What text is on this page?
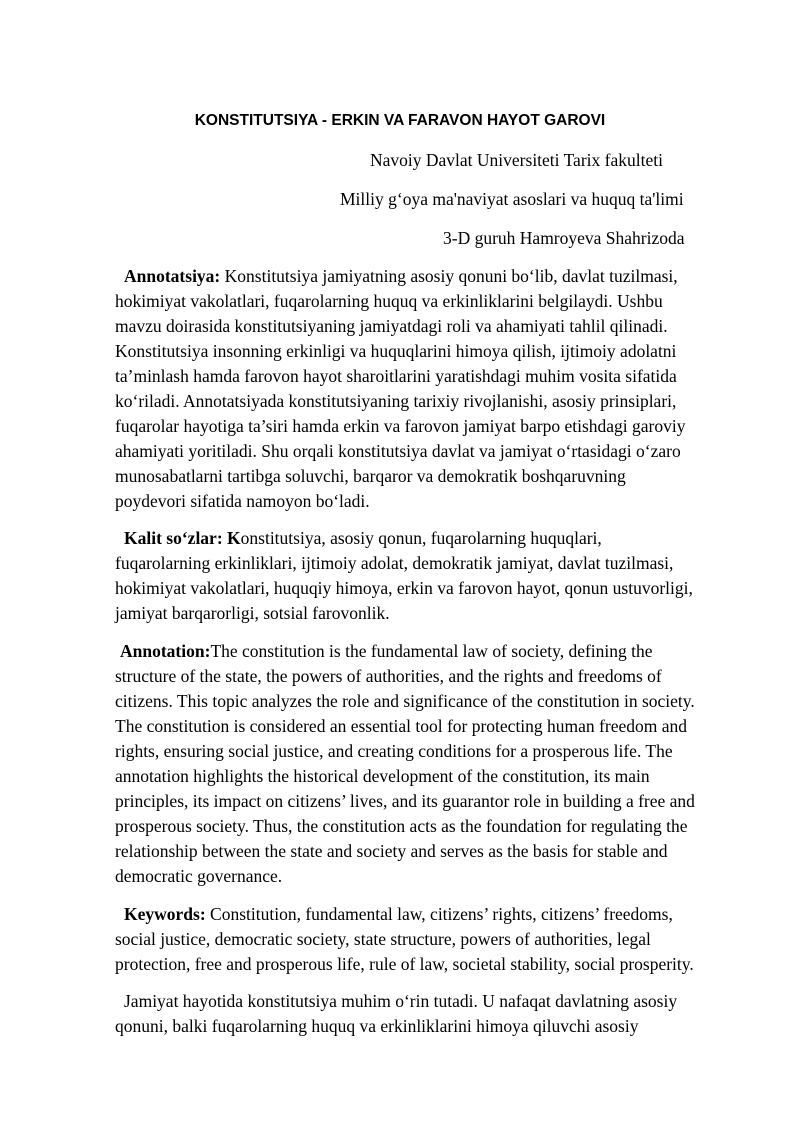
KONSTITUTSIYA - ERKIN VA FARAVON HAYOT GAROVI

Navoiy Davlat Universiteti Tarix fakulteti

Milliy g‘oya ma'naviyat asoslari va huquq ta'limi

3-D guruh Hamroyeva Shahrizoda

Annotatsiya: Konstitutsiya jamiyatning asosiy qonuni bo‘lib, davlat tuzilmasi,
hokimiyat vakolatlari, fuqarolarning huquq va erkinliklarini belgilaydi. Ushbu
mavzu doirasida konstitutsiyaning jamiyatdagi roli va ahamiyati tahlil qilinadi.
Konstitutsiya insonning erkinligi va huquqlarini himoya qilish, ijtimoiy adolatni
ta’minlash hamda farovon hayot sharoitlarini yaratishdagi muhim vosita sifatida
ko‘riladi. Annotatsiyada konstitutsiyaning tarixiy rivojlanishi, asosiy prinsiplari,
fuqarolar hayotiga ta’siri hamda erkin va farovon jamiyat barpo etishdagi garoviy
ahamiyati yoritiladi. Shu orqali konstitutsiya davlat va jamiyat o‘rtasidagi o‘zaro
munosabatlarni tartibga soluvchi, barqaror va demokratik boshqaruvning
poydevori sifatida namoyon bo‘ladi.
Kalit so‘zlar: Konstitutsiya, asosiy qonun, fuqarolarning huquqlari,
fuqarolarning erkinliklari, ijtimoiy adolat, demokratik jamiyat, davlat tuzilmasi,
hokimiyat vakolatlari, huquqiy himoya, erkin va farovon hayot, qonun ustuvorligi,
jamiyat barqarorligi, sotsial farovonlik.
Annotation:The constitution is the fundamental law of society, defining the
structure of the state, the powers of authorities, and the rights and freedoms of
citizens. This topic analyzes the role and significance of the constitution in society.
The constitution is considered an essential tool for protecting human freedom and
rights, ensuring social justice, and creating conditions for a prosperous life. The
annotation highlights the historical development of the constitution, its main
principles, its impact on citizens’ lives, and its guarantor role in building a free and
prosperous society. Thus, the constitution acts as the foundation for regulating the
relationship between the state and society and serves as the basis for stable and
democratic governance.
Keywords: Constitution, fundamental law, citizens’ rights, citizens’ freedoms,
social justice, democratic society, state structure, powers of authorities, legal
protection, free and prosperous life, rule of law, societal stability, social prosperity.
Jamiyat hayotida konstitutsiya muhim o‘rin tutadi. U nafaqat davlatning asosiy
qonuni, balki fuqarolarning huquq va erkinliklarini himoya qiluvchi asosiy
